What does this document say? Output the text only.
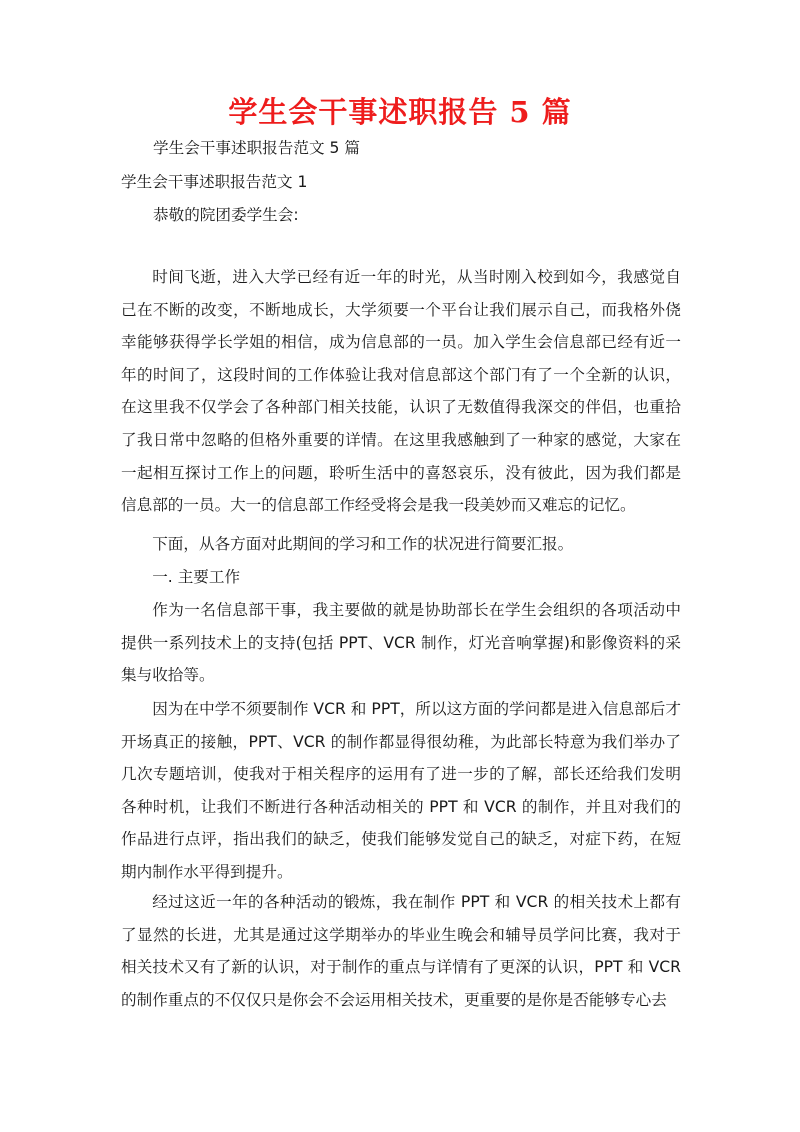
学生会干事述职报告 5 篇
学生会干事述职报告范文 5 篇
学生会干事述职报告范文 1
恭敬的院团委学生会:
时间飞逝，进入大学已经有近一年的时光，从当时刚入校到如今，我感觉自己在不断的改变，不断地成长，大学须要一个平台让我们展示自己，而我格外侥幸能够获得学长学姐的相信，成为信息部的一员。加入学生会信息部已经有近一年的时间了，这段时间的工作体验让我对信息部这个部门有了一个全新的认识，在这里我不仅学会了各种部门相关技能，认识了无数值得我深交的伴侣，也重拾了我日常中忽略的但格外重要的详情。在这里我感触到了一种家的感觉，大家在一起相互探讨工作上的问题，聆听生活中的喜怒哀乐，没有彼此，因为我们都是信息部的一员。大一的信息部工作经受将会是我一段美妙而又难忘的记忆。
下面，从各方面对此期间的学习和工作的状况进行简要汇报。
一. 主要工作
作为一名信息部干事，我主要做的就是协助部长在学生会组织的各项活动中提供一系列技术上的支持(包括 PPT、VCR 制作，灯光音响掌握)和影像资料的采集与收拾等。
因为在中学不须要制作 VCR 和 PPT，所以这方面的学问都是进入信息部后才开场真正的接触，PPT、VCR 的制作都显得很幼稚，为此部长特意为我们举办了几次专题培训，使我对于相关程序的运用有了进一步的了解，部长还给我们发明各种时机，让我们不断进行各种活动相关的 PPT 和 VCR 的制作，并且对我们的作品进行点评，指出我们的缺乏，使我们能够发觉自己的缺乏，对症下药，在短期内制作水平得到提升。
经过这近一年的各种活动的锻炼，我在制作 PPT 和 VCR 的相关技术上都有了显然的长进，尤其是通过这学期举办的毕业生晚会和辅导员学问比赛，我对于相关技术又有了新的认识，对于制作的重点与详情有了更深的认识，PPT 和 VCR 的制作重点的不仅仅只是你会不会运用相关技术，更重要的是你是否能够专心去
